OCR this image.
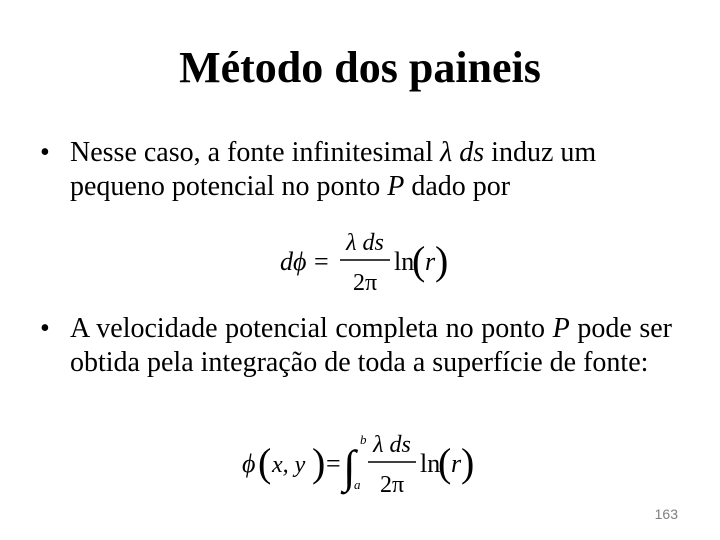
Método dos paineis
• Nesse caso, a fonte infinitesimal λ ds induz um pequeno potencial no ponto P dado por
dϕ =
λ ds
2π
ln
( r )
• A velocidade potencial completa no ponto P pode ser obtida pela integração de toda a superfície de fonte:
ϕ ( x, y ) = ∫
b
a
λ ds
2π
ln
( r )
163
